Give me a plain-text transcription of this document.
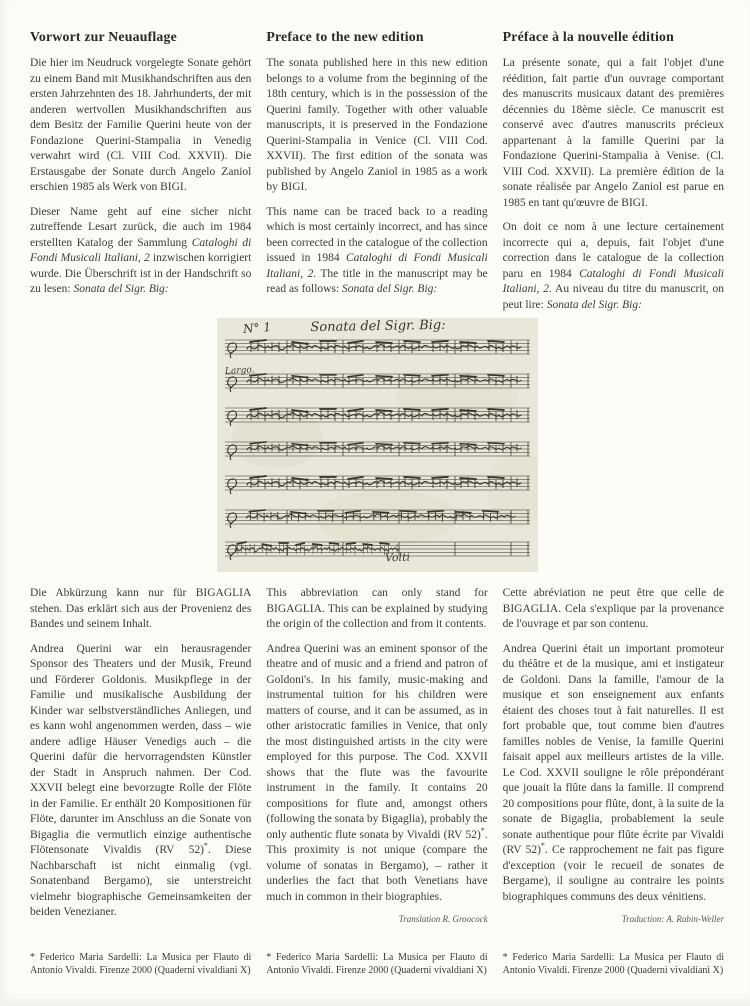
Vorwort zur Neuauflage

Die hier im Neudruck vorgelegte Sonate gehört zu einem Band mit Musikhandschriften aus den ersten Jahrzehnten des 18. Jahrhunderts, der mit anderen wertvollen Musikhandschriften aus dem Besitz der Familie Querini heute von der Fondazione Querini-Stampalia in Venedig verwahrt wird (Cl. VIII Cod. XXVII). Die Erstausgabe der Sonate durch Angelo Zaniol erschien 1985 als Werk von BIGI.

Dieser Name geht auf eine sicher nicht zutreffende Lesart zurück, die auch im 1984 erstellten Katalog der Sammlung Cataloghi di Fondi Musicali Italiani, 2 inzwischen korrigiert wurde. Die Überschrift ist in der Handschrift so zu lesen: Sonata del Sigr. Big:

Preface to the new edition

The sonata published here in this new edition belongs to a volume from the beginning of the 18th century, which is in the possession of the Querini family. Together with other valuable manuscripts, it is preserved in the Fondazione Querini-Stampalia in Venice (Cl. VIII Cod. XXVII). The first edition of the sonata was published by Angelo Zaniol in 1985 as a work by BIGI.

This name can be traced back to a reading which is most certainly incorrect, and has since been corrected in the catalogue of the collection issued in 1984 Cataloghi di Fondi Musicali Italiani, 2. The title in the manuscript may be read as follows: Sonata del Sigr. Big:

Préface à la nouvelle édition

La présente sonate, qui a fait l'objet d'une réédition, fait partie d'un ouvrage comportant des manuscrits musicaux datant des premières décennies du 18ème siècle. Ce manuscrit est conservé avec d'autres manuscrits précieux appartenant à la famille Querini par la Fondazione Querini-Stampalia à Venise. (Cl. VIII Cod. XXVII). La première édition de la sonate réalisée par Angelo Zaniol est parue en 1985 en tant qu'œuvre de BIGI.

On doit ce nom à une lecture certainement incorrecte qui a, depuis, fait l'objet d'une correction dans le catalogue de la collection paru en 1984 Cataloghi di Fondi Musicali Italiani, 2. Au niveau du titre du manuscrit, on peut lire: Sonata del Sigr. Big:

N° 1	Sonata del Sigr. Big:
Largo.
Volti

Die Abkürzung kann nur für BIGAGLIA stehen. Das erklärt sich aus der Provenienz des Bandes und seinem Inhalt.

Andrea Querini war ein herausragender Sponsor des Theaters und der Musik, Freund und Förderer Goldonis. Musikpflege in der Familie und musikalische Ausbildung der Kinder war selbstverständliches Anliegen, und es kann wohl angenommen werden, dass – wie andere adlige Häuser Venedigs auch – die Querini dafür die hervorragendsten Künstler der Stadt in Anspruch nahmen. Der Cod. XXVII belegt eine bevorzugte Rolle der Flöte in der Familie. Er enthält 20 Kompositionen für Flöte, darunter im Anschluss an die Sonate von Bigaglia die vermutlich einzige authentische Flötensonate Vivaldis (RV 52)*. Diese Nachbarschaft ist nicht einmalig (vgl. Sonatenband Bergamo), sie unterstreicht vielmehr biographische Gemeinsamkeiten der beiden Venezianer.

This abbreviation can only stand for BIGAGLIA. This can be explained by studying the origin of the collection and from it contents.

Andrea Querini was an eminent sponsor of the theatre and of music and a friend and patron of Goldoni's. In his family, music-making and instrumental tuition for his children were matters of course, and it can be assumed, as in other aristocratic families in Venice, that only the most distinguished artists in the city were employed for this purpose. The Cod. XXVII shows that the flute was the favourite instrument in the family. It contains 20 compositions for flute and, amongst others (following the sonata by Bigaglia), probably the only authentic flute sonata by Vivaldi (RV 52)*. This proximity is not unique (compare the volume of sonatas in Bergamo), – rather it underlies the fact that both Venetians have much in common in their biographies.

Translation R. Groocock

Cette abréviation ne peut être que celle de BIGAGLIA. Cela s'explique par la provenance de l'ouvrage et par son contenu.

Andrea Querini était un important promoteur du théâtre et de la musique, ami et instigateur de Goldoni. Dans la famille, l'amour de la musique et son enseignement aux enfants étaient des choses tout à fait naturelles. Il est fort probable que, tout comme bien d'autres familles nobles de Venise, la famille Querini faisait appel aux meilleurs artistes de la ville. Le Cod. XXVII souligne le rôle prépondérant que jouait la flûte dans la famille. Il comprend 20 compositions pour flûte, dont, à la suite de la sonate de Bigaglia, probablement la seule sonate authentique pour flûte écrite par Vivaldi (RV 52)*. Ce rapprochement ne fait pas figure d'exception (voir le recueil de sonates de Bergame), il souligne au contraire les points biographiques communs des deux vénitiens.

Traduction: A. Rabin-Weller

* Federico Maria Sardelli: La Musica per Flauto di Antonio Vivaldi. Firenze 2000 (Quaderni vivaldiani X)

* Federico Maria Sardelli: La Musica per Flauto di Antonio Vivaldi. Firenze 2000 (Quaderni vivaldiani X)

* Federico Maria Sardelli: La Musica per Flauto di Antonio Vivaldi. Firenze 2000 (Quaderni vivaldiani X)
